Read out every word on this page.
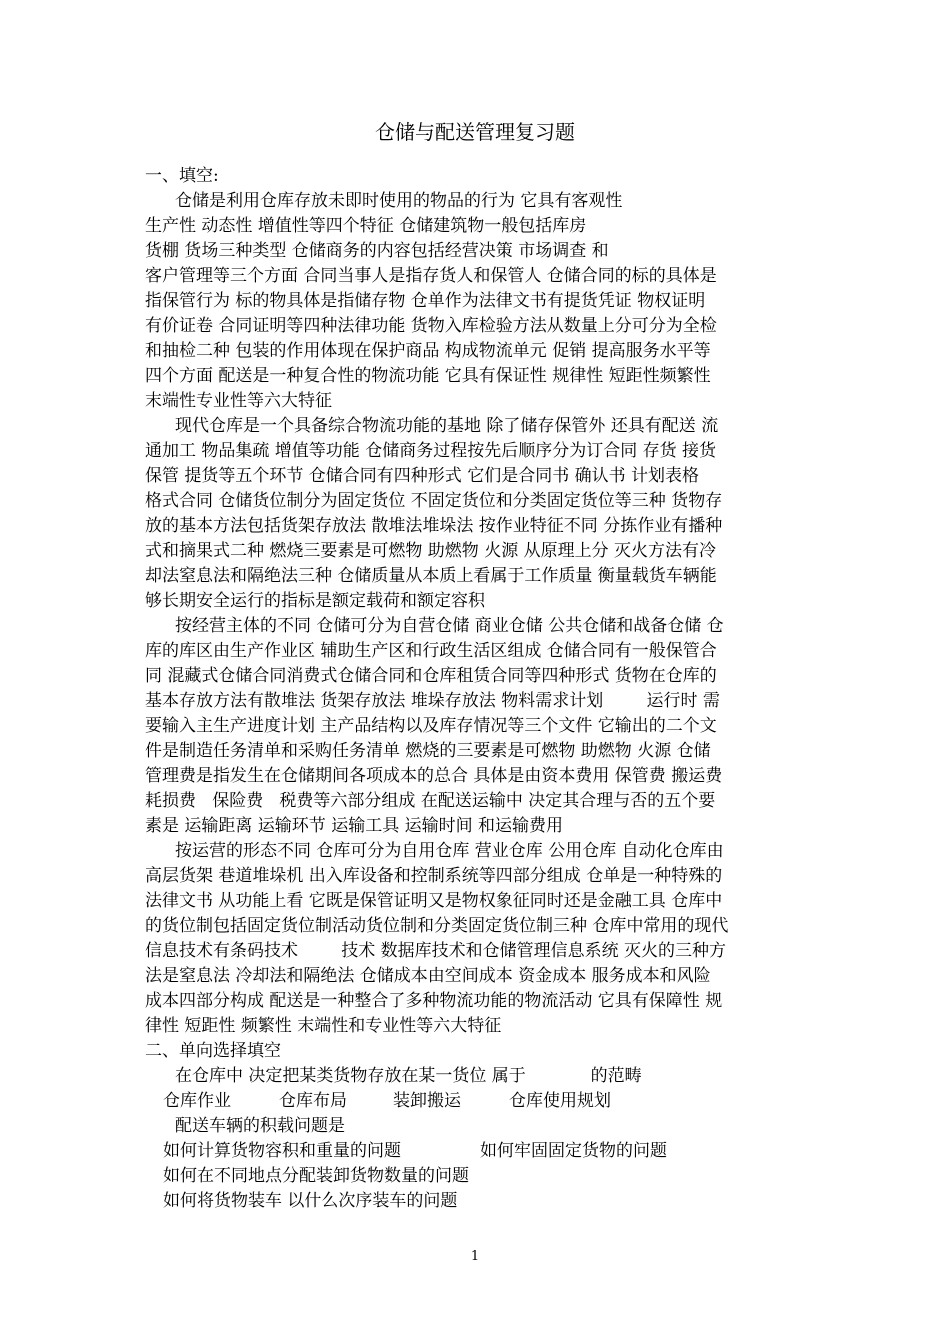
仓储与配送管理复习题
一、填空:
仓储是利用仓库存放未即时使用的物品的行为 它具有客观性
生产性 动态性 增值性等四个特征 仓储建筑物一般包括库房
货棚 货场三种类型 仓储商务的内容包括经营决策 市场调查 和
客户管理等三个方面 合同当事人是指存货人和保管人 仓储合同的标的具体是
指保管行为 标的物具体是指储存物 仓单作为法律文书有提货凭证 物权证明
有价证卷 合同证明等四种法律功能 货物入库检验方法从数量上分可分为全检
和抽检二种 包装的作用体现在保护商品 构成物流单元 促销 提高服务水平等
四个方面 配送是一种复合性的物流功能 它具有保证性 规律性 短距性频繁性
末端性专业性等六大特征
现代仓库是一个具备综合物流功能的基地 除了储存保管外 还具有配送 流
通加工 物品集疏 增值等功能 仓储商务过程按先后顺序分为订合同 存货 接货
保管 提货等五个环节 仓储合同有四种形式 它们是合同书 确认书 计划表格
格式合同 仓储货位制分为固定货位 不固定货位和分类固定货位等三种 货物存
放的基本方法包括货架存放法 散堆法堆垛法 按作业特征不同 分拣作业有播种
式和摘果式二种 燃烧三要素是可燃物 助燃物 火源 从原理上分 灭火方法有冷
却法窒息法和隔绝法三种 仓储质量从本质上看属于工作质量 衡量载货车辆能
够长期安全运行的指标是额定载荷和额定容积
按经营主体的不同 仓储可分为自营仓储 商业仓储 公共仓储和战备仓储 仓
库的库区由生产作业区 辅助生产区和行政生活区组成 仓储合同有一般保管合
同 混藏式仓储合同消费式仓储合同和仓库租赁合同等四种形式 货物在仓库的
基本存放方法有散堆法 货架存放法 堆垛存放法 物料需求计划        运行时 需
要输入主生产进度计划 主产品结构以及库存情况等三个文件 它输出的二个文
件是制造任务清单和采购任务清单 燃烧的三要素是可燃物 助燃物 火源 仓储
管理费是指发生在仓储期间各项成本的总合 具体是由资本费用 保管费 搬运费
耗损费   保险费   税费等六部分组成 在配送运输中 决定其合理与否的五个要
素是 运输距离 运输环节 运输工具 运输时间 和运输费用
按运营的形态不同 仓库可分为自用仓库 营业仓库 公用仓库 自动化仓库由
高层货架 巷道堆垛机 出入库设备和控制系统等四部分组成 仓单是一种特殊的
法律文书 从功能上看 它既是保管证明又是物权象征同时还是金融工具 仓库中
的货位制包括固定货位制活动货位制和分类固定货位制三种 仓库中常用的现代
信息技术有条码技术        技术 数据库技术和仓储管理信息系统 灭火的三种方
法是窒息法 冷却法和隔绝法 仓储成本由空间成本 资金成本 服务成本和风险
成本四部分构成 配送是一种整合了多种物流功能的物流活动 它具有保障性 规
律性 短距性 频繁性 末端性和专业性等六大特征
二、单向选择填空
在仓库中 决定把某类货物存放在某一货位 属于            的范畴
仓库作业	仓库布局	装卸搬运	仓库使用规划
配送车辆的积载问题是
如何计算货物容积和重量的问题	如何牢固固定货物的问题
如何在不同地点分配装卸货物数量的问题
如何将货物装车 以什么次序装车的问题
1
